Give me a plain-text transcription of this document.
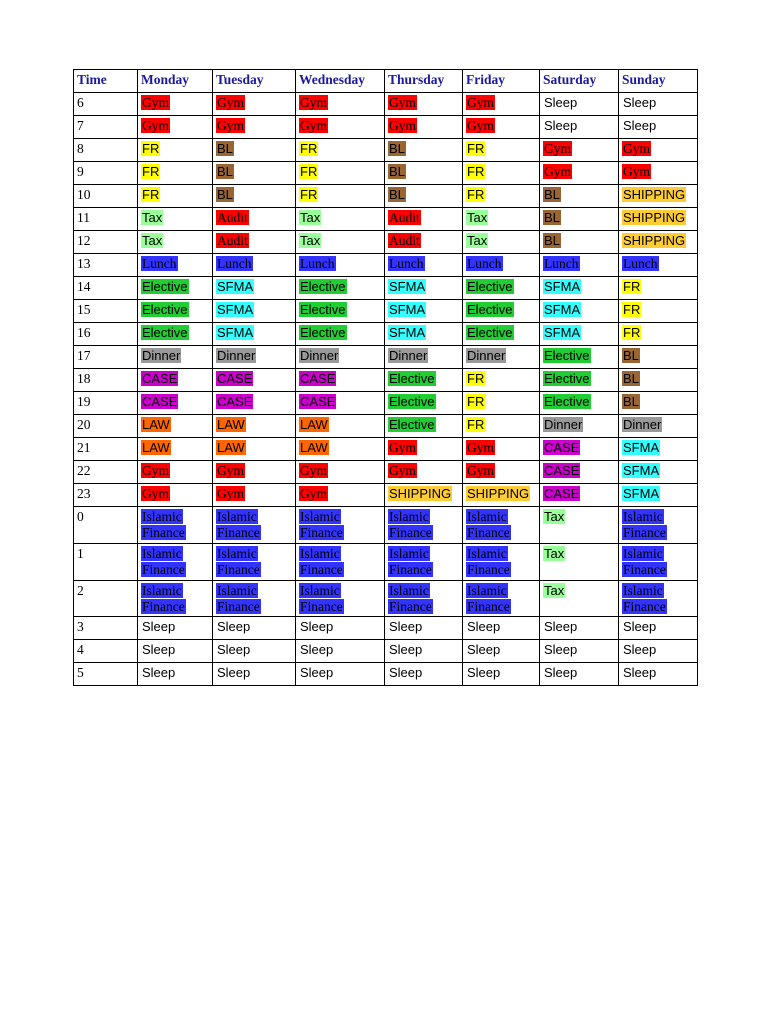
Time	Monday	Tuesday	Wednesday	Thursday	Friday	Saturday	Sunday
6	Gym	Gym	Gym	Gym	Gym	Sleep	Sleep
7	Gym	Gym	Gym	Gym	Gym	Sleep	Sleep
8	FR	BL	FR	BL	FR	Gym	Gym
9	FR	BL	FR	BL	FR	Gym	Gym
10	FR	BL	FR	BL	FR	BL	SHIPPING
11	Tax	Audit	Tax	Audit	Tax	BL	SHIPPING
12	Tax	Audit	Tax	Audit	Tax	BL	SHIPPING
13	Lunch	Lunch	Lunch	Lunch	Lunch	Lunch	Lunch
14	Elective	SFMA	Elective	SFMA	Elective	SFMA	FR
15	Elective	SFMA	Elective	SFMA	Elective	SFMA	FR
16	Elective	SFMA	Elective	SFMA	Elective	SFMA	FR
17	Dinner	Dinner	Dinner	Dinner	Dinner	Elective	BL
18	CASE	CASE	CASE	Elective	FR	Elective	BL
19	CASE	CASE	CASE	Elective	FR	Elective	BL
20	LAW	LAW	LAW	Elective	FR	Dinner	Dinner
21	LAW	LAW	LAW	Gym	Gym	CASE	SFMA
22	Gym	Gym	Gym	Gym	Gym	CASE	SFMA
23	Gym	Gym	Gym	SHIPPING	SHIPPING	CASE	SFMA
0	Islamic Finance	Islamic Finance	Islamic Finance	Islamic Finance	Islamic Finance	Tax	Islamic Finance
1	Islamic Finance	Islamic Finance	Islamic Finance	Islamic Finance	Islamic Finance	Tax	Islamic Finance
2	Islamic Finance	Islamic Finance	Islamic Finance	Islamic Finance	Islamic Finance	Tax	Islamic Finance
3	Sleep	Sleep	Sleep	Sleep	Sleep	Sleep	Sleep
4	Sleep	Sleep	Sleep	Sleep	Sleep	Sleep	Sleep
5	Sleep	Sleep	Sleep	Sleep	Sleep	Sleep	Sleep
